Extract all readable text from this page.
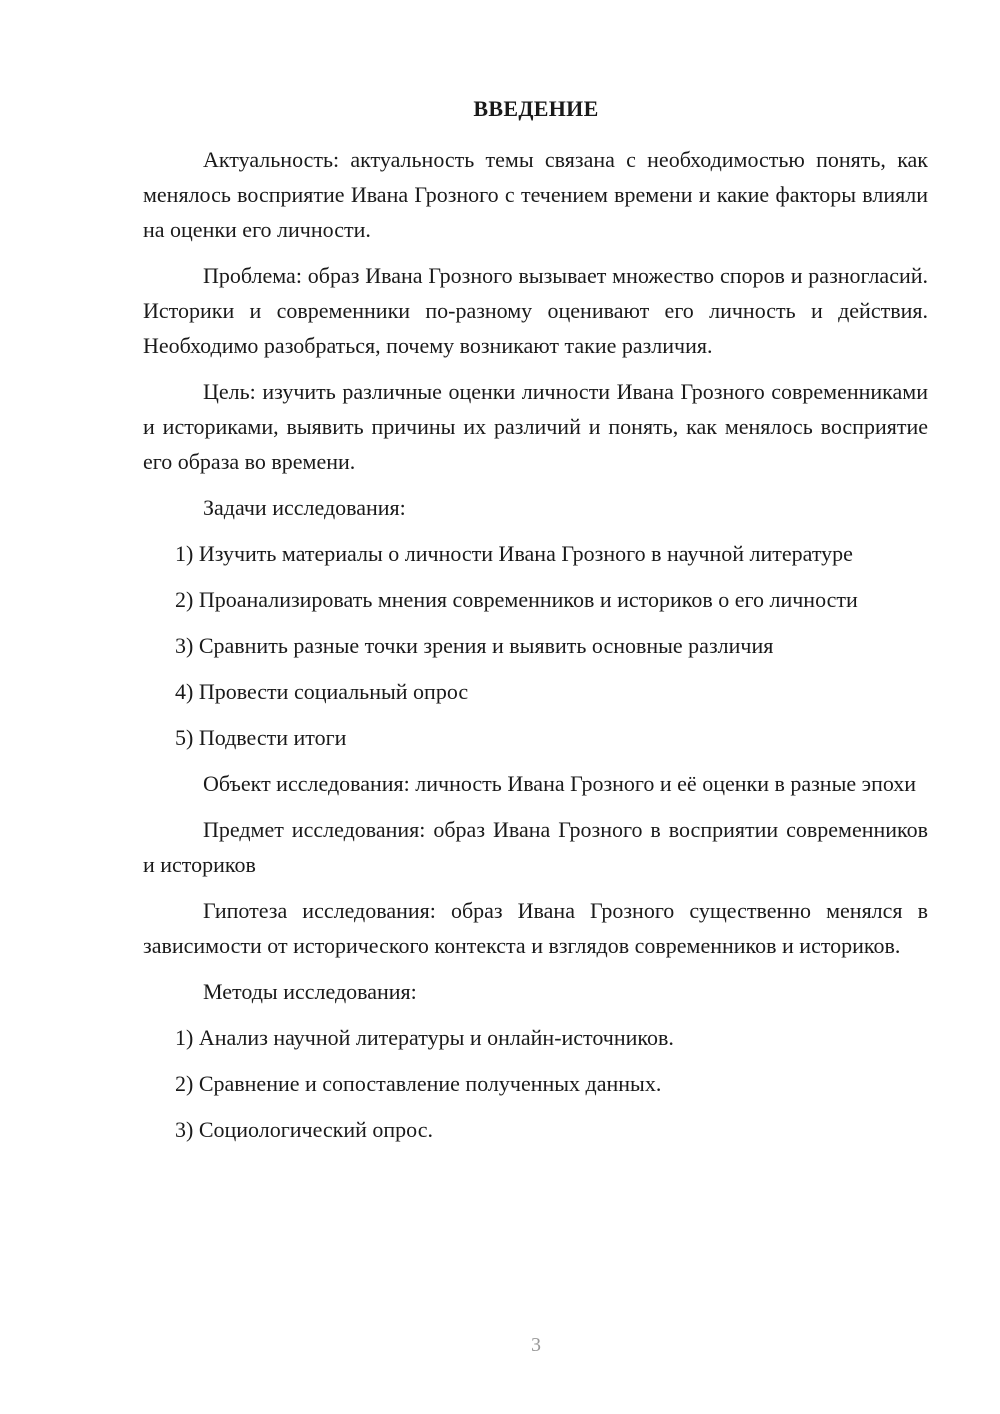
ВВЕДЕНИЕ

Актуальность: актуальность темы связана с необходимостью понять, как менялось восприятие Ивана Грозного с течением времени и какие факторы влияли на оценки его личности.

Проблема: образ Ивана Грозного вызывает множество споров и разногласий. Историки и современники по-разному оценивают его личность и действия. Необходимо разобраться, почему возникают такие различия.

Цель: изучить различные оценки личности Ивана Грозного современниками и историками, выявить причины их различий и понять, как менялось восприятие его образа во времени.

Задачи исследования:

1) Изучить материалы о личности Ивана Грозного в научной литературе

2) Проанализировать мнения современников и историков о его личности

3) Сравнить разные точки зрения и выявить основные различия

4) Провести социальный опрос

5) Подвести итоги

Объект исследования: личность Ивана Грозного и её оценки в разные эпохи

Предмет исследования: образ Ивана Грозного в восприятии современников и историков

Гипотеза исследования: образ Ивана Грозного существенно менялся в зависимости от исторического контекста и взглядов современников и историков.

Методы исследования:

1) Анализ научной литературы и онлайн-источников.

2) Сравнение и сопоставление полученных данных.

3) Социологический опрос.

3
